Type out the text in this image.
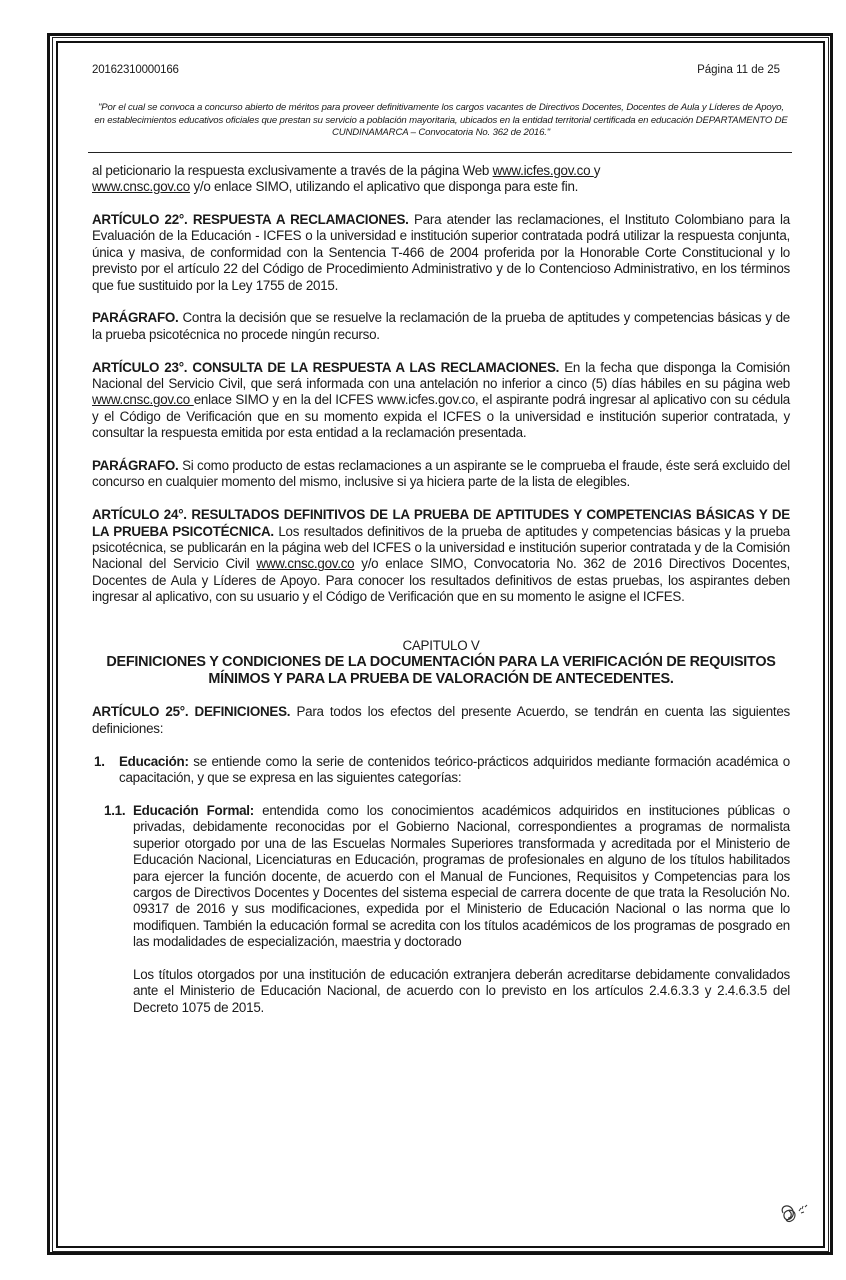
20162310000166	Página 11 de 25
"Por el cual se convoca a concurso abierto de méritos para proveer definitivamente los cargos vacantes de Directivos Docentes, Docentes de Aula y Líderes de Apoyo, en establecimientos educativos oficiales que prestan su servicio a población mayoritaria, ubicados en la entidad territorial certificada en educación DEPARTAMENTO DE CUNDINAMARCA – Convocatoria No. 362 de 2016."

al peticionario la respuesta exclusivamente a través de la página Web www.icfes.gov.co y
www.cnsc.gov.co y/o enlace SIMO, utilizando el aplicativo que disponga para este fin.

ARTÍCULO 22°. RESPUESTA A RECLAMACIONES. Para atender las reclamaciones, el Instituto Colombiano para la Evaluación de la Educación - ICFES o la universidad e institución superior contratada podrá utilizar la respuesta conjunta, única y masiva, de conformidad con la Sentencia T-466 de 2004 proferida por la Honorable Corte Constitucional y lo previsto por el artículo 22 del Código de Procedimiento Administrativo y de lo Contencioso Administrativo, en los términos que fue sustituido por la Ley 1755 de 2015.

PARÁGRAFO. Contra la decisión que se resuelve la reclamación de la prueba de aptitudes y competencias básicas y de la prueba psicotécnica no procede ningún recurso.

ARTÍCULO 23°. CONSULTA DE LA RESPUESTA A LAS RECLAMACIONES. En la fecha que disponga la Comisión Nacional del Servicio Civil, que será informada con una antelación no inferior a cinco (5) días hábiles en su página web www.cnsc.gov.co enlace SIMO y en la del ICFES www.icfes.gov.co, el aspirante podrá ingresar al aplicativo con su cédula y el Código de Verificación que en su momento expida el ICFES o la universidad e institución superior contratada, y consultar la respuesta emitida por esta entidad a la reclamación presentada.

PARÁGRAFO. Si como producto de estas reclamaciones a un aspirante se le comprueba el fraude, éste será excluido del concurso en cualquier momento del mismo, inclusive si ya hiciera parte de la lista de elegibles.

ARTÍCULO 24°. RESULTADOS DEFINITIVOS DE LA PRUEBA DE APTITUDES Y COMPETENCIAS BÁSICAS Y DE LA PRUEBA PSICOTÉCNICA. Los resultados definitivos de la prueba de aptitudes y competencias básicas y la prueba psicotécnica, se publicarán en la página web del ICFES o la universidad e institución superior contratada y de la Comisión Nacional del Servicio Civil www.cnsc.gov.co y/o enlace SIMO, Convocatoria No. 362 de 2016 Directivos Docentes, Docentes de Aula y Líderes de Apoyo. Para conocer los resultados definitivos de estas pruebas, los aspirantes deben ingresar al aplicativo, con su usuario y el Código de Verificación que en su momento le asigne el ICFES.

CAPITULO V
DEFINICIONES Y CONDICIONES DE LA DOCUMENTACIÓN PARA LA VERIFICACIÓN DE REQUISITOS MÍNIMOS Y PARA LA PRUEBA DE VALORACIÓN DE ANTECEDENTES.

ARTÍCULO 25°. DEFINICIONES. Para todos los efectos del presente Acuerdo, se tendrán en cuenta las siguientes definiciones:

1. Educación: se entiende como la serie de contenidos teórico-prácticos adquiridos mediante formación académica o capacitación, y que se expresa en las siguientes categorías:

1.1. Educación Formal: entendida como los conocimientos académicos adquiridos en instituciones públicas o privadas, debidamente reconocidas por el Gobierno Nacional, correspondientes a programas de normalista superior otorgado por una de las Escuelas Normales Superiores transformada y acreditada por el Ministerio de Educación Nacional, Licenciaturas en Educación, programas de profesionales en alguno de los títulos habilitados para ejercer la función docente, de acuerdo con el Manual de Funciones, Requisitos y Competencias para los cargos de Directivos Docentes y Docentes del sistema especial de carrera docente de que trata la Resolución No. 09317 de 2016 y sus modificaciones, expedida por el Ministerio de Educación Nacional o las norma que lo modifiquen. También la educación formal se acredita con los títulos académicos de los programas de posgrado en las modalidades de especialización, maestria y doctorado

Los títulos otorgados por una institución de educación extranjera deberán acreditarse debidamente convalidados ante el Ministerio de Educación Nacional, de acuerdo con lo previsto en los artículos 2.4.6.3.3 y 2.4.6.3.5 del Decreto 1075 de 2015.
